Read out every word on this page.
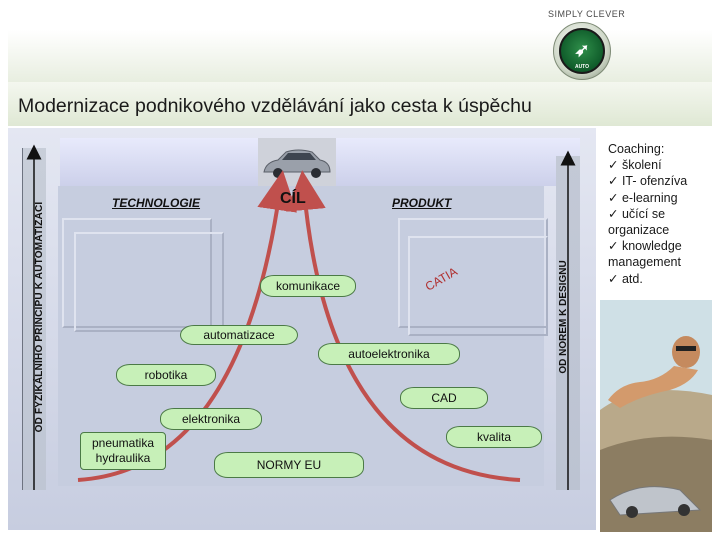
SIMPLY CLEVER
➶
AUTO
Modernizace podnikového vzdělávání jako cesta k úspěchu
OD FYZIKÁLNÍHO PRINCIPU K AUTOMATIZACI	OD NOREM K DESIGNU
CÍL
TECHNOLOGIE	PRODUKT
CATIA
komunikace
automatizace
autoelektronika
robotika
CAD
elektronika
kvalita
pneumatika hydraulika	NORMY EU
Coaching:
✓ školení
✓ IT- ofenzíva
✓ e-learning
✓ učící se organizace
✓ knowledge management
✓ atd.
